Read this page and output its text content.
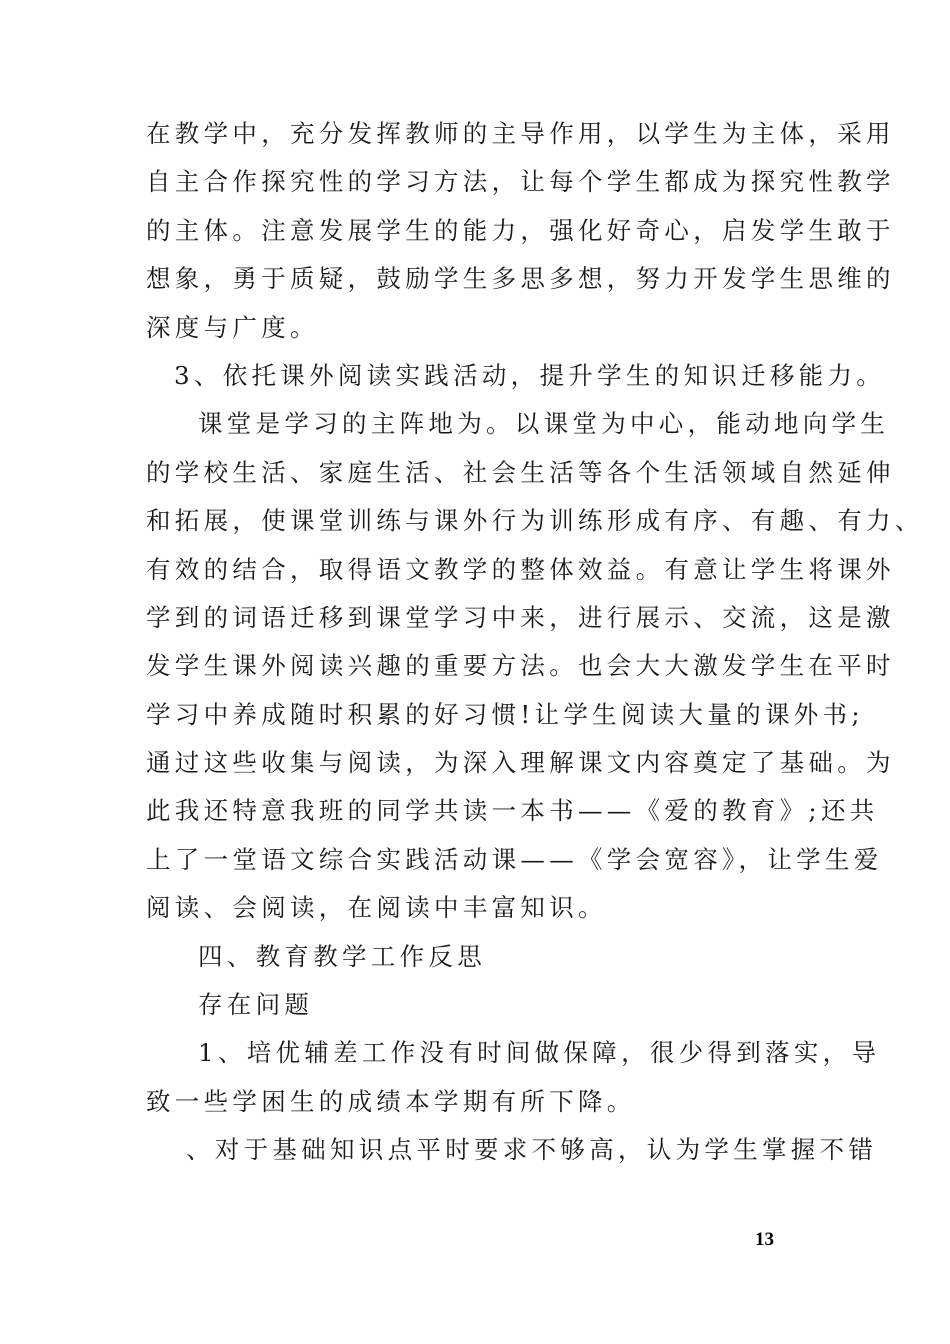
在教学中，充分发挥教师的主导作用，以学生为主体，采用
自主合作探究性的学习方法，让每个学生都成为探究性教学
的主体。注意发展学生的能力，强化好奇心，启发学生敢于
想象，勇于质疑，鼓励学生多思多想，努力开发学生思维的
深度与广度。
3、依托课外阅读实践活动，提升学生的知识迁移能力。
课堂是学习的主阵地为。以课堂为中心，能动地向学生
的学校生活、家庭生活、社会生活等各个生活领域自然延伸
和拓展，使课堂训练与课外行为训练形成有序、有趣、有力、
有效的结合，取得语文教学的整体效益。有意让学生将课外
学到的词语迁移到课堂学习中来，进行展示、交流，这是激
发学生课外阅读兴趣的重要方法。也会大大激发学生在平时
学习中养成随时积累的好习惯!让学生阅读大量的课外书;
通过这些收集与阅读，为深入理解课文内容奠定了基础。为
此我还特意我班的同学共读一本书——《爱的教育》;还共
上了一堂语文综合实践活动课——《学会宽容》，让学生爱
阅读、会阅读，在阅读中丰富知识。
四、教育教学工作反思
存在问题
1、培优辅差工作没有时间做保障，很少得到落实，导
致一些学困生的成绩本学期有所下降。
、对于基础知识点平时要求不够高，认为学生掌握不错
13
